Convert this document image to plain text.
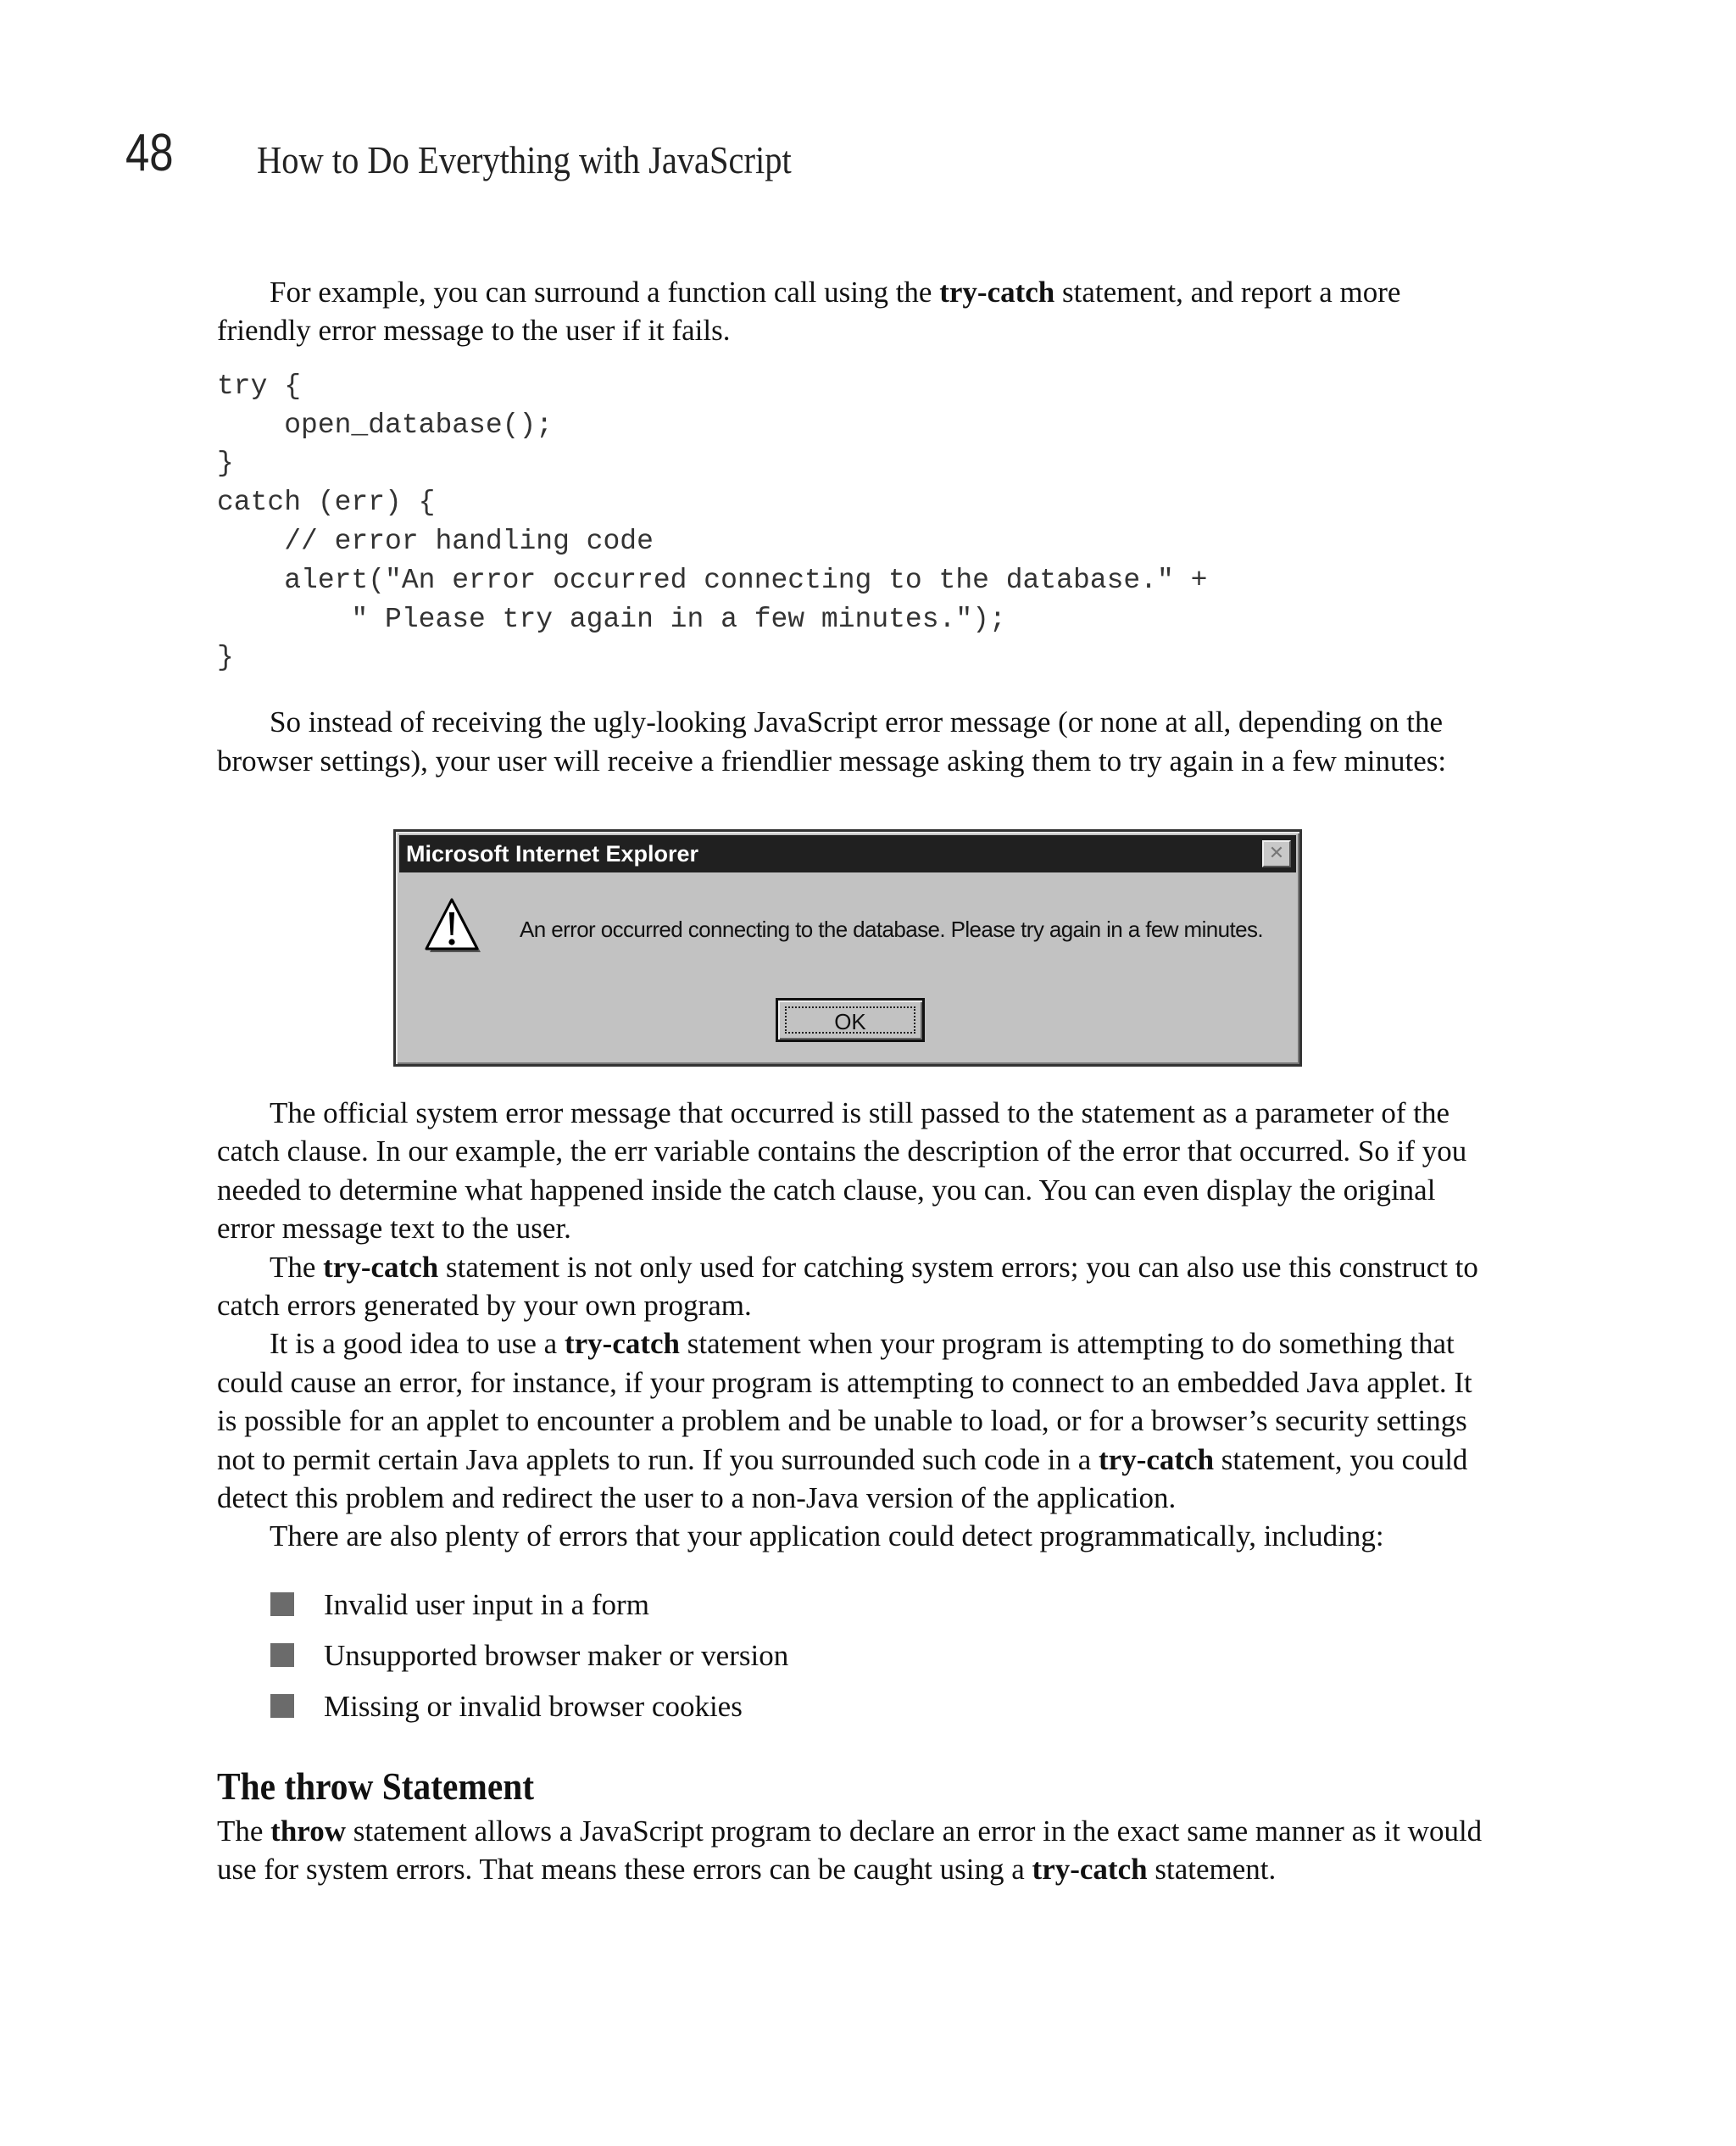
48 How to Do Everything with JavaScript

For example, you can surround a function call using the try-catch statement, and report a more friendly error message to the user if it fails.

try {
open_database();
}
catch (err) {
// error handling code
alert("An error occurred connecting to the database." +
" Please try again in a few minutes.");
}

So instead of receiving the ugly-looking JavaScript error message (or none at all, depending on the browser settings), your user will receive a friendlier message asking them to try again in a few minutes:

Microsoft Internet Explorer	✕
An error occurred connecting to the database. Please try again in a few minutes.
OK

The official system error message that occurred is still passed to the statement as a parameter of the catch clause. In our example, the err variable contains the description of the error that occurred. So if you needed to determine what happened inside the catch clause, you can. You can even display the original error message text to the user.

The try-catch statement is not only used for catching system errors; you can also use this construct to catch errors generated by your own program.

It is a good idea to use a try-catch statement when your program is attempting to do something that could cause an error, for instance, if your program is attempting to connect to an embedded Java applet. It is possible for an applet to encounter a problem and be unable to load, or for a browser’s security settings not to permit certain Java applets to run. If you surrounded such code in a try-catch statement, you could detect this problem and redirect the user to a non-Java version of the application.

There are also plenty of errors that your application could detect programmatically, including:

Invalid user input in a form
Unsupported browser maker or version
Missing or invalid browser cookies
The throw Statement

The throw statement allows a JavaScript program to declare an error in the exact same manner as it would use for system errors. That means these errors can be caught using a try-catch statement.
